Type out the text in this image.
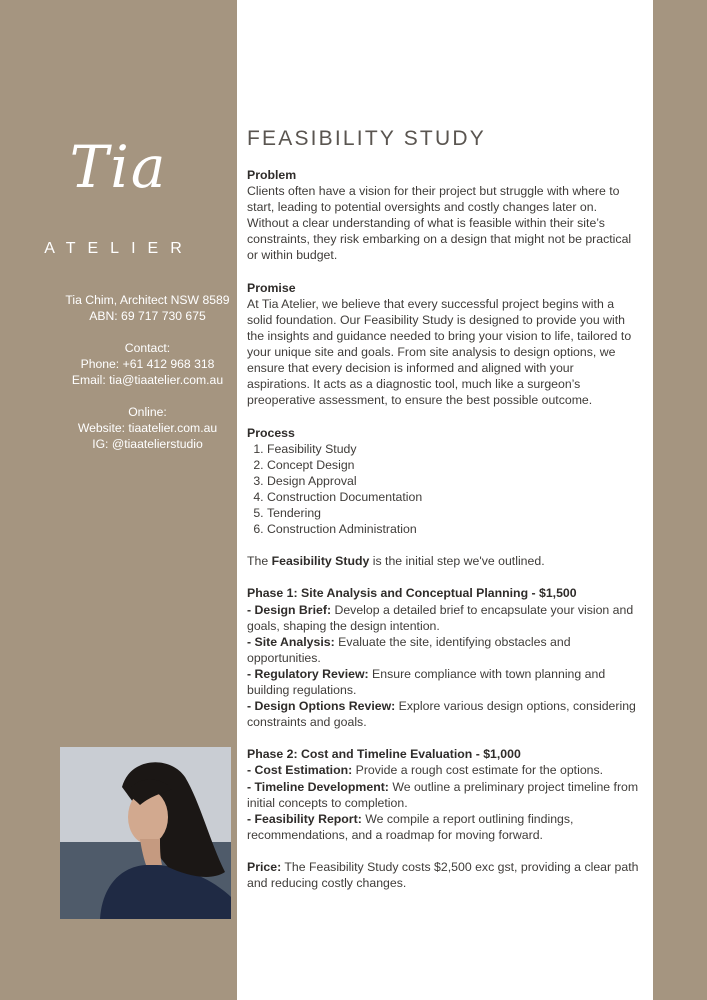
Tia
ATELIER
Tia Chim, Architect NSW 8589
ABN: 69 717 730 675
Contact:
Phone: +61 412 968 318
Email: tia@tiaatelier.com.au
Online:
Website: tiaatelier.com.au
IG: @tiaatelierstudio
FEASIBILITY STUDY

Problem

Clients often have a vision for their project but struggle with where to start, leading to potential oversights and costly changes later on. Without a clear understanding of what is feasible within their site’s constraints, they risk embarking on a design that might not be practical or within budget.

Promise

At Tia Atelier, we believe that every successful project begins with a solid foundation. Our Feasibility Study is designed to provide you with the insights and guidance needed to bring your vision to life, tailored to your unique site and goals. From site analysis to design options, we ensure that every decision is informed and aligned with your aspirations. It acts as a diagnostic tool, much like a surgeon’s preoperative assessment, to ensure the best possible outcome.

Process

1. Feasibility Study
2. Concept Design
3. Design Approval
4. Construction Documentation
5. Tendering
6. Construction Administration

The Feasibility Study is the initial step we've outlined.

Phase 1: Site Analysis and Conceptual Planning - $1,500

- Design Brief: Develop a detailed brief to encapsulate your vision and goals, shaping the design intention.

- Site Analysis: Evaluate the site, identifying obstacles and opportunities.

- Regulatory Review: Ensure compliance with town planning and building regulations.

- Design Options Review: Explore various design options, considering constraints and goals.

Phase 2: Cost and Timeline Evaluation - $1,000

- Cost Estimation: Provide a rough cost estimate for the options.

- Timeline Development: We outline a preliminary project timeline from initial concepts to completion.

- Feasibility Report: We compile a report outlining findings, recommendations, and a roadmap for moving forward.

Price: The Feasibility Study costs $2,500 exc gst, providing a clear path and reducing costly changes.
